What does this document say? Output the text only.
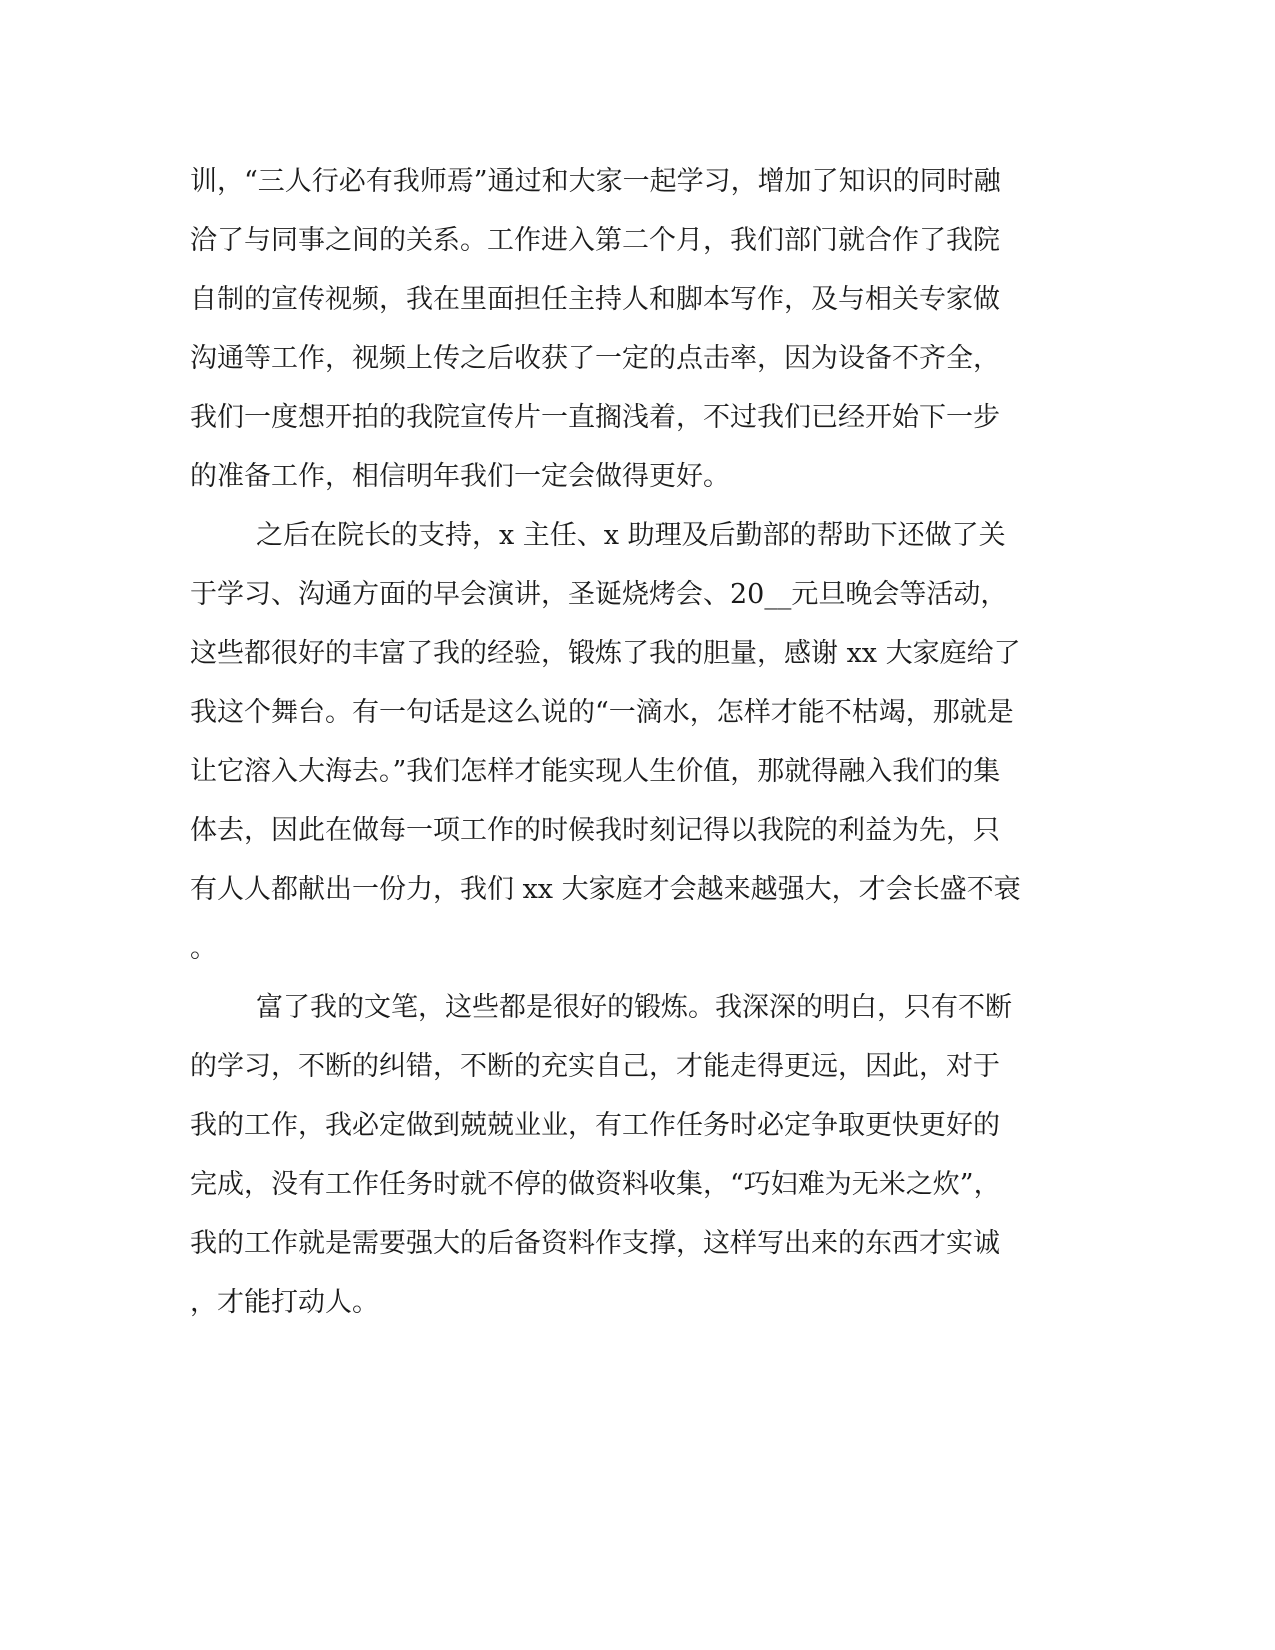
训，“三人行必有我师焉”通过和大家一起学习，增加了知识的同时融
洽了与同事之间的关系。工作进入第二个月，我们部门就合作了我院
自制的宣传视频，我在里面担任主持人和脚本写作，及与相关专家做
沟通等工作，视频上传之后收获了一定的点击率，因为设备不齐全，
我们一度想开拍的我院宣传片一直搁浅着，不过我们已经开始下一步
的准备工作，相信明年我们一定会做得更好。
之后在院长的支持，x 主任、x 助理及后勤部的帮助下还做了关
于学习、沟通方面的早会演讲，圣诞烧烤会、20__元旦晚会等活动，
这些都很好的丰富了我的经验，锻炼了我的胆量，感谢 xx 大家庭给了
我这个舞台。有一句话是这么说的“一滴水，怎样才能不枯竭，那就是
让它溶入大海去。”我们怎样才能实现人生价值，那就得融入我们的集
体去，因此在做每一项工作的时候我时刻记得以我院的利益为先，只
有人人都献出一份力，我们 xx 大家庭才会越来越强大，才会长盛不衰
。
富了我的文笔，这些都是很好的锻炼。我深深的明白，只有不断
的学习，不断的纠错，不断的充实自己，才能走得更远，因此，对于
我的工作，我必定做到兢兢业业，有工作任务时必定争取更快更好的
完成，没有工作任务时就不停的做资料收集，“巧妇难为无米之炊”，
我的工作就是需要强大的后备资料作支撑，这样写出来的东西才实诚
，才能打动人。
